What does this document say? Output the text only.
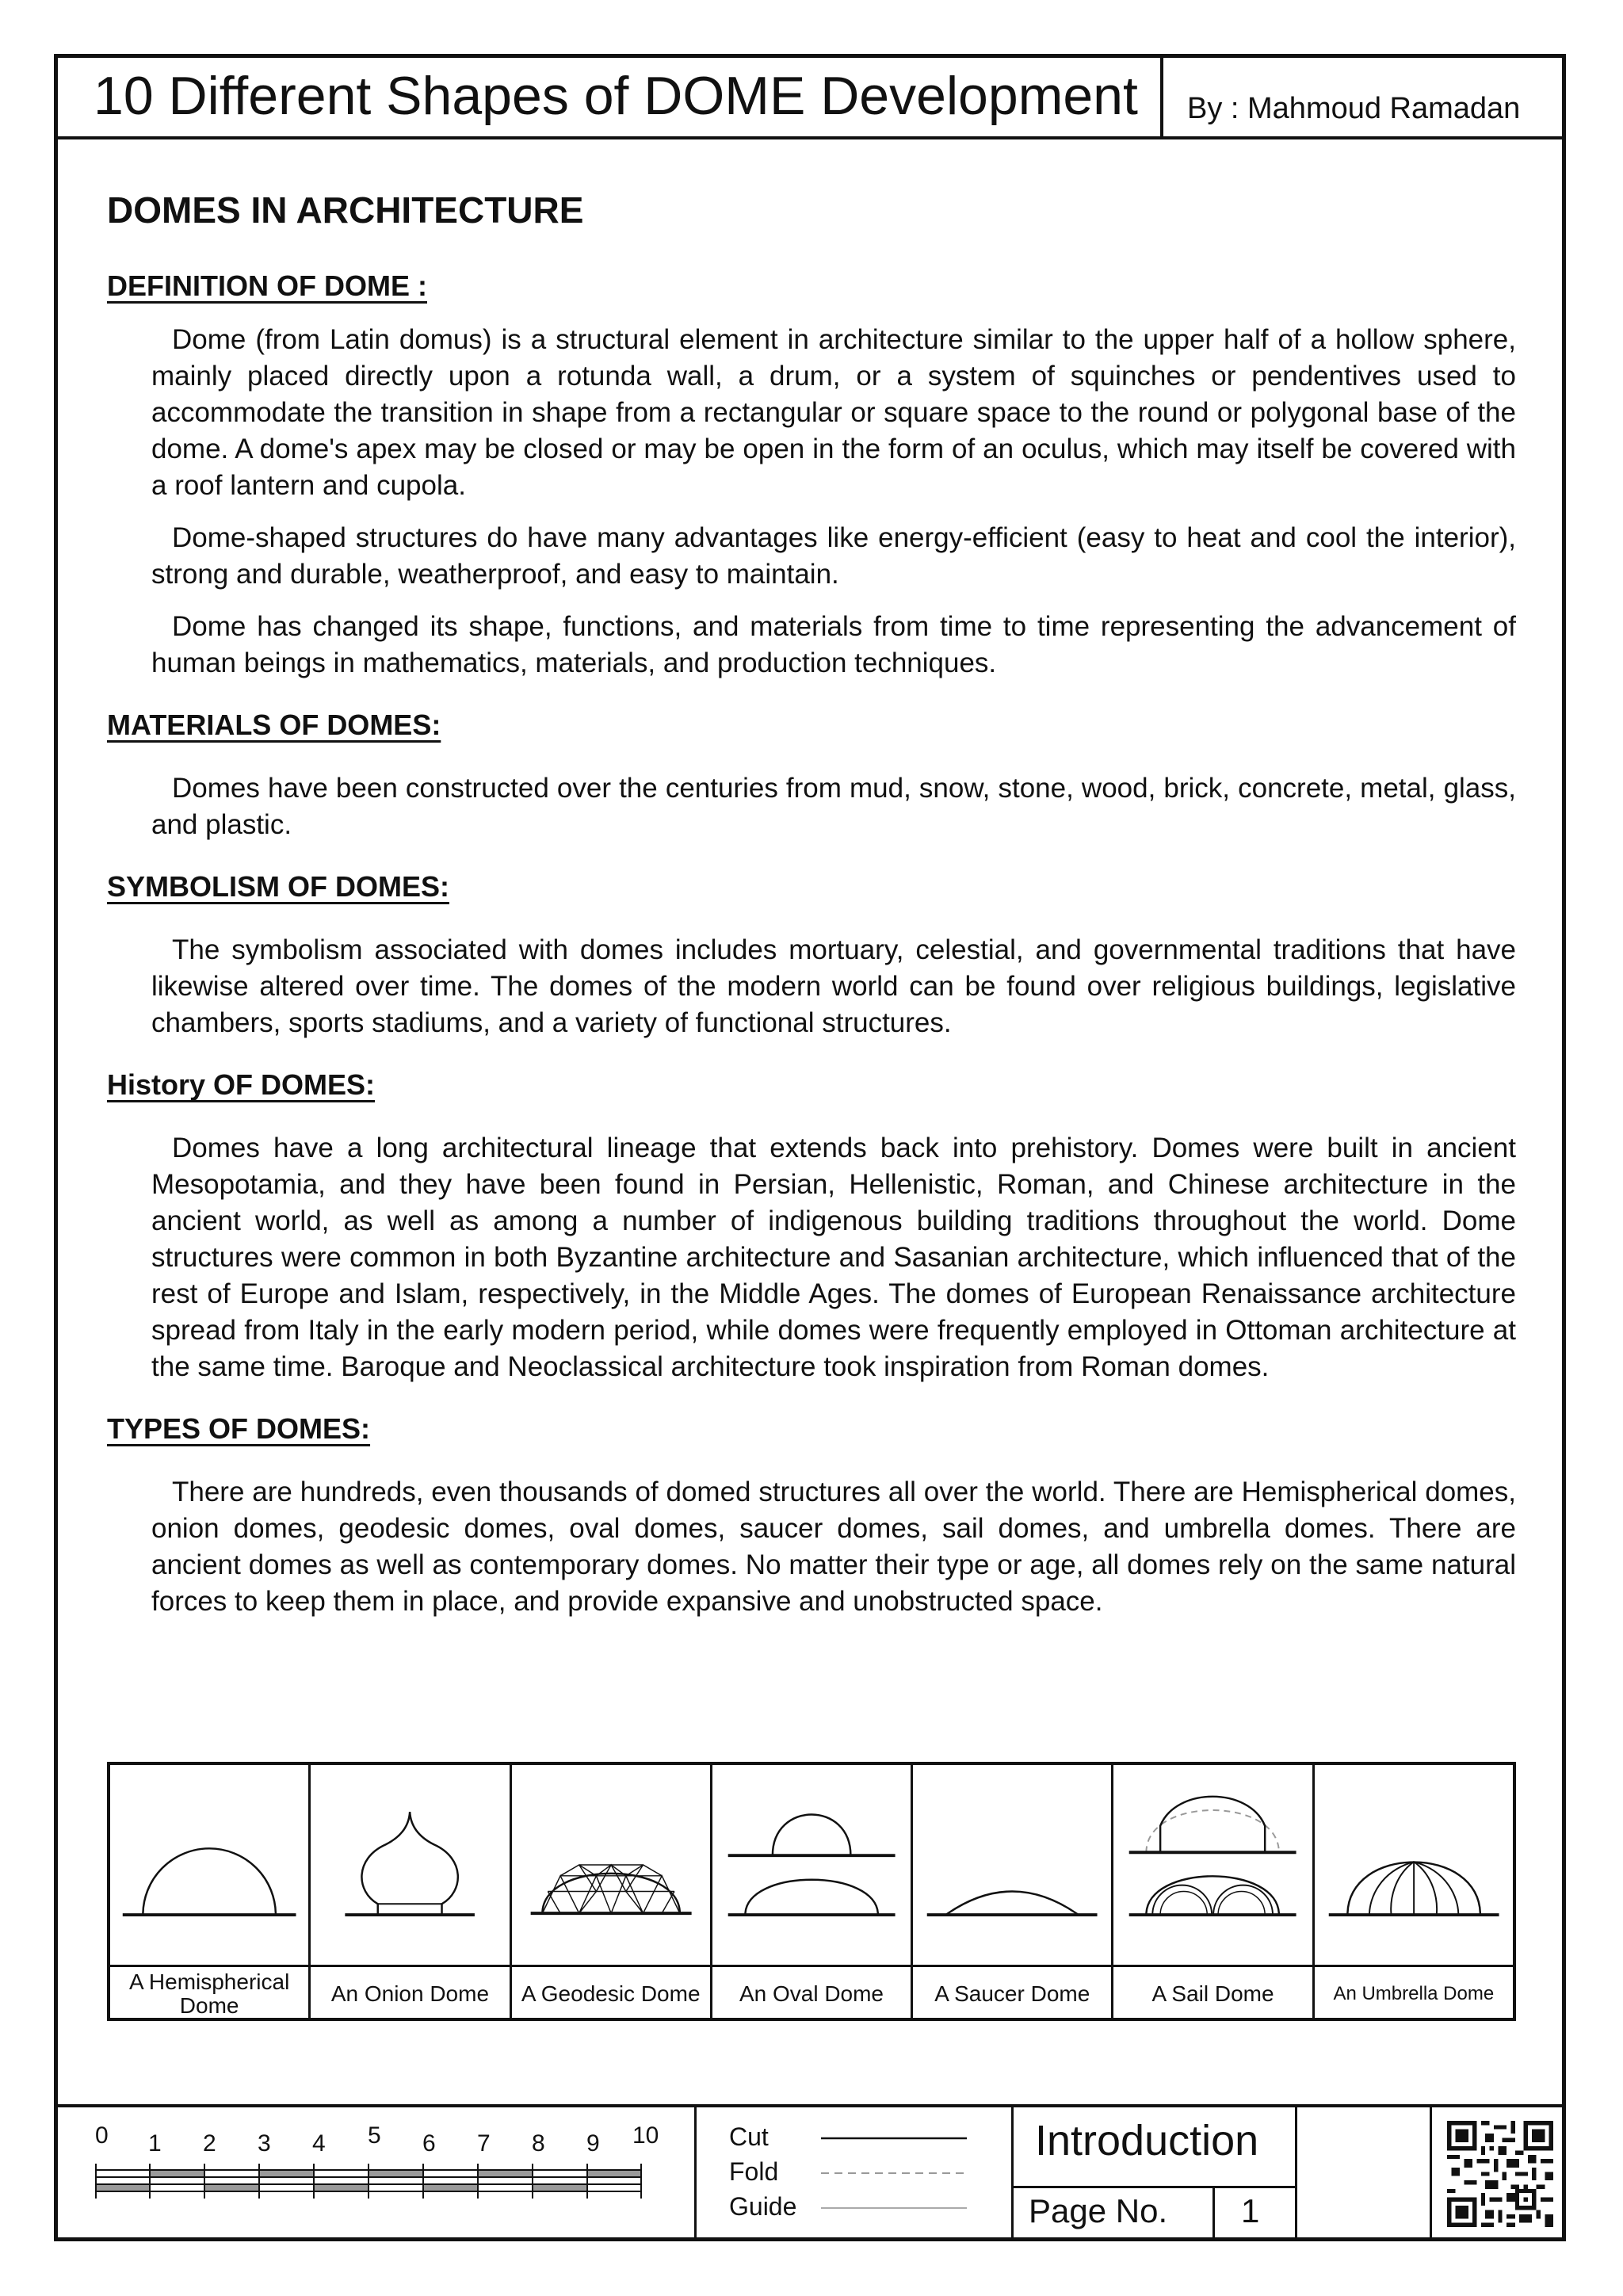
10 Different Shapes of DOME Development By : Mahmoud Ramadan
DOMES IN ARCHITECTURE
DEFINITION OF DOME :

Dome (from Latin domus) is a structural element in architecture similar to the upper half of a hollow sphere, mainly placed directly upon a rotunda wall, a drum, or a system of squinches or pendentives used to accommodate the transition in shape from a rectangular or square space to the round or polygonal base of the dome. A dome's apex may be closed or may be open in the form of an oculus, which may itself be covered with a roof lantern and cupola.

Dome-shaped structures do have many advantages like energy-efficient (easy to heat and cool the interior), strong and durable, weatherproof, and easy to maintain.

Dome has changed its shape, functions, and materials from time to time representing the advancement of human beings in mathematics, materials, and production techniques.

MATERIALS OF DOMES:

Domes have been constructed over the centuries from mud, snow, stone, wood, brick, concrete, metal, glass, and plastic.

SYMBOLISM OF DOMES:

The symbolism associated with domes includes mortuary, celestial, and governmental traditions that have likewise altered over time. The domes of the modern world can be found over religious buildings, legislative chambers, sports stadiums, and a variety of functional structures.

History OF DOMES:

Domes have a long architectural lineage that extends back into prehistory. Domes were built in ancient Mesopotamia, and they have been found in Persian, Hellenistic, Roman, and Chinese architecture in the ancient world, as well as among a number of indigenous building traditions throughout the world. Dome structures were common in both Byzantine architecture and Sasanian architecture, which influenced that of the rest of Europe and Islam, respectively, in the Middle Ages. The domes of European Renaissance architecture spread from Italy in the early modern period, while domes were frequently employed in Ottoman architecture at the same time. Baroque and Neoclassical architecture took inspiration from Roman domes.

TYPES OF DOMES:

There are hundreds, even thousands of domed structures all over the world. There are Hemispherical domes, onion domes, geodesic domes, oval domes, saucer domes, sail domes, and umbrella domes. There are ancient domes as well as contemporary domes. No matter their type or age, all domes rely on the same natural forces to keep them in place, and provide expansive and unobstructed space.

A Hemispherical Dome	An Onion Dome	A Geodesic Dome	An Oval Dome	A Saucer Dome	A Sail Dome	An Umbrella Dome
0 1 2 3 4 5 6 7 8 9 10	Cut
Fold
Guide
Introduction
Page No. 1
